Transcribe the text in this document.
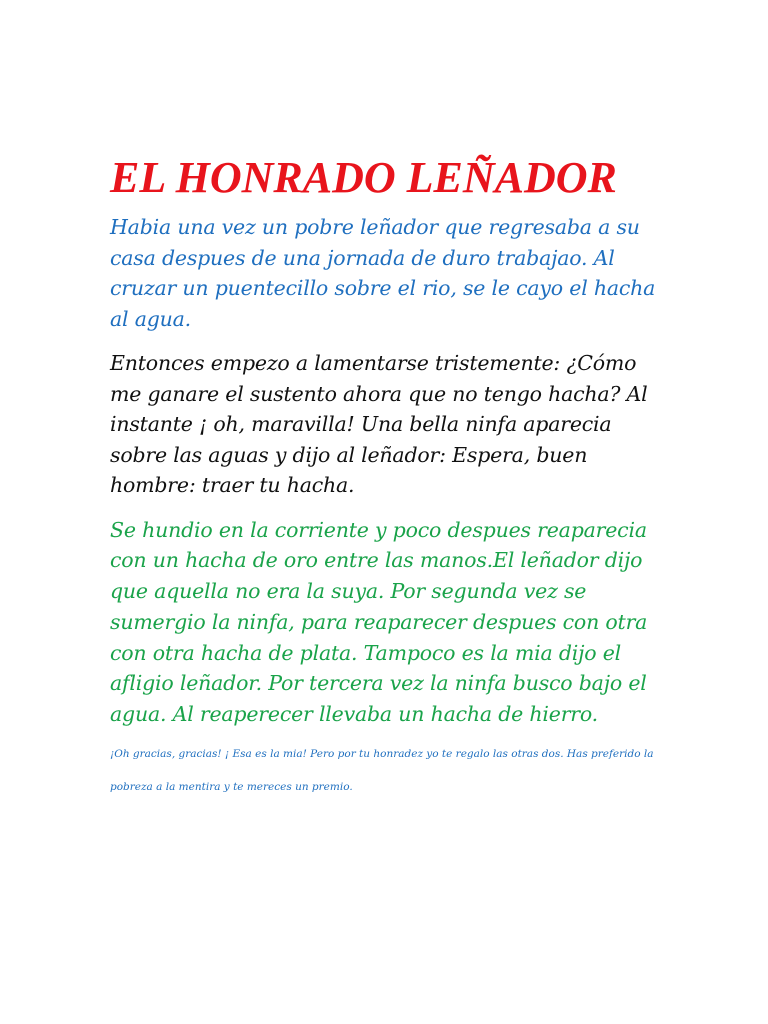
EL HONRADO LEÑADOR

Habia una vez un pobre leñador que regresaba a su casa despues de una jornada de duro trabajao. Al cruzar un puentecillo sobre el rio, se le cayo el hacha al agua.

Entonces empezo a lamentarse tristemente: ¿Cómo me ganare el sustento ahora que no tengo hacha? Al instante ¡ oh, maravilla! Una bella ninfa aparecia sobre las aguas y dijo al leñador: Espera, buen hombre: traer tu hacha.

Se hundio en la corriente y poco despues reaparecia con un hacha de oro entre las manos.El leñador dijo que aquella no era la suya. Por segunda vez se sumergio la ninfa, para reaparecer despues con otra con otra hacha de plata. Tampoco es la mia dijo el afligio leñador. Por tercera vez la ninfa busco bajo el agua. Al reaperecer llevaba un hacha de hierro.

¡Oh gracias, gracias! ¡ Esa es la mia! Pero por tu honradez yo te regalo las otras dos. Has preferido la pobreza a la mentira y te mereces un premio.
